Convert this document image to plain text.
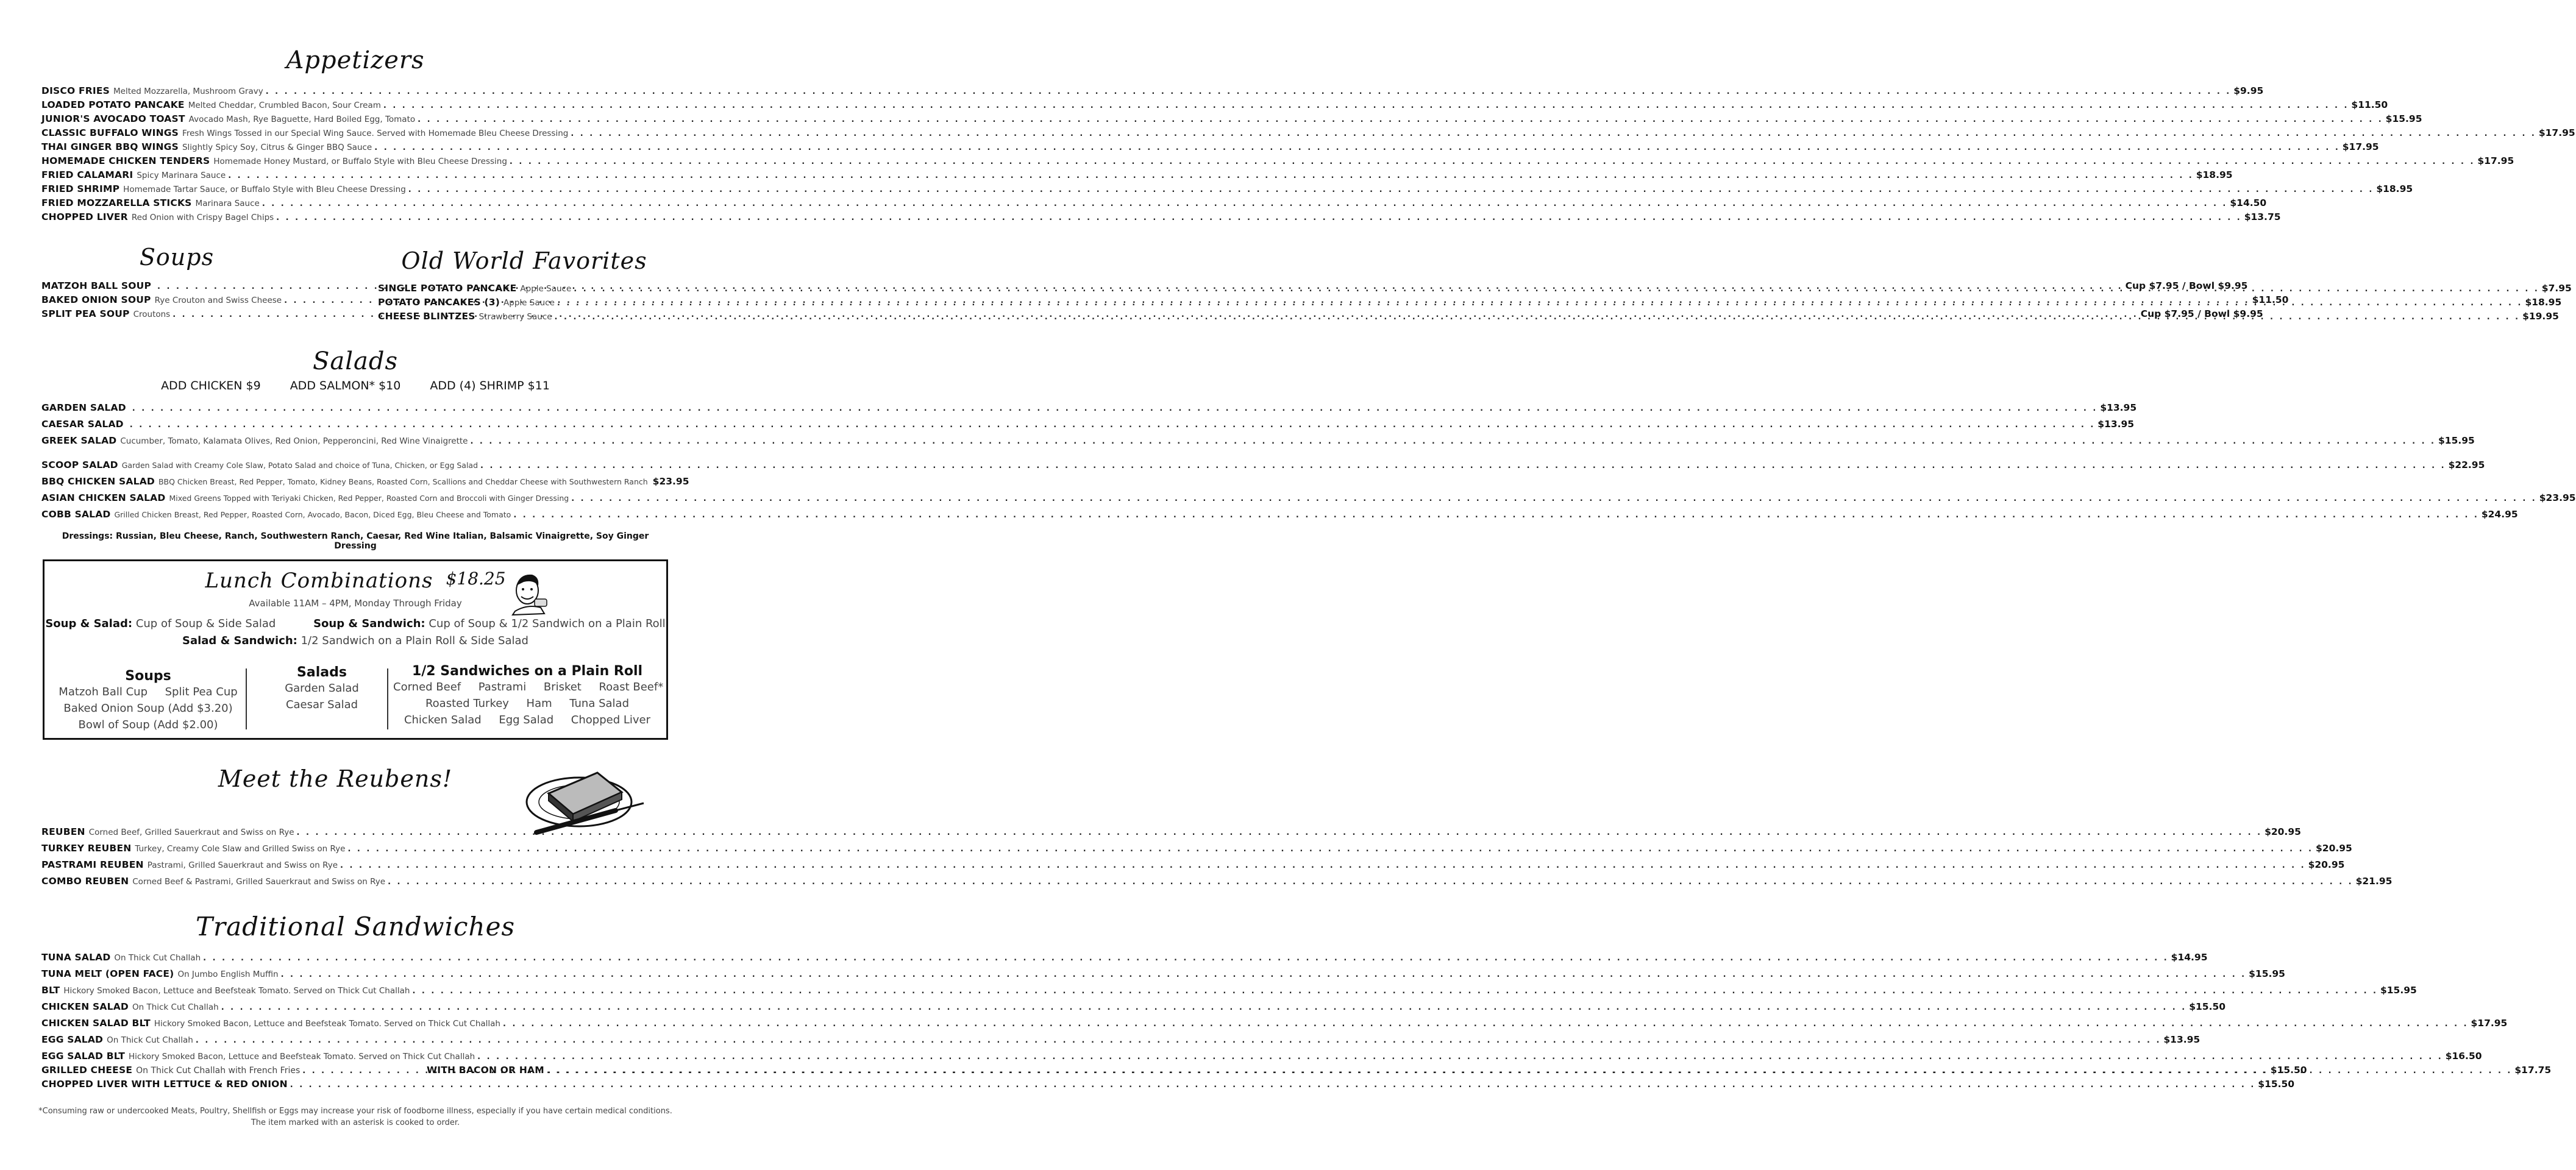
Appetizers
DISCO FRIES Melted Mozzarella, Mushroom Gravy . . .	$9.95
LOADED POTATO PANCAKE Melted Cheddar, Crumbled Bacon, Sour Cream . . .	$11.50
JUNIOR'S AVOCADO TOAST Avocado Mash, Rye Baguette, Hard Boiled Egg, Tomato . . .	$15.95
CLASSIC BUFFALO WINGS Fresh Wings Tossed in our Special Wing Sauce. Served with Homemade Bleu Cheese Dressing . . .	$17.95
THAI GINGER BBQ WINGS Slightly Spicy Soy, Citrus & Ginger BBQ Sauce . . .	$17.95
HOMEMADE CHICKEN TENDERS Homemade Honey Mustard, or Buffalo Style with Bleu Cheese Dressing . . .	$17.95
FRIED CALAMARI Spicy Marinara Sauce . . .	$18.95
FRIED SHRIMP Homemade Tartar Sauce, or Buffalo Style with Bleu Cheese Dressing . . .	$18.95
FRIED MOZZARELLA STICKS Marinara Sauce . . .	$14.50
CHOPPED LIVER Red Onion with Crispy Bagel Chips . . .	$13.75
Soups
MATZOH BALL SOUP . . .	Cup $7.95 / Bowl $9.95
BAKED ONION SOUP Rye Crouton and Swiss Cheese . . .	$11.50
SPLIT PEA SOUP Croutons . . .	Cup $7.95 / Bowl $9.95
Old World Favorites
SINGLE POTATO PANCAKE Apple Sauce . . .	$7.95
POTATO PANCAKES (3) Apple Sauce . . .	$18.95
CHEESE BLINTZES Strawberry Sauce . . .	$19.95
Salads
ADD CHICKEN $9	ADD SALMON* $10	ADD (4) SHRIMP $11
GARDEN SALAD . . .	$13.95
CAESAR SALAD . . .	$13.95
GREEK SALAD Cucumber, Tomato, Kalamata Olives, Red Onion, Pepperoncini, Red Wine Vinaigrette . . .	$15.95
SCOOP SALAD Garden Salad with Creamy Cole Slaw, Potato Salad and choice of Tuna, Chicken, or Egg Salad . . .	$22.95
BBQ CHICKEN SALAD BBQ Chicken Breast, Red Pepper, Tomato, Kidney Beans, Roasted Corn, Scallions and Cheddar Cheese with Southwestern Ranch $23.95
ASIAN CHICKEN SALAD Mixed Greens Topped with Teriyaki Chicken, Red Pepper, Roasted Corn and Broccoli with Ginger Dressing . . .	$23.95
COBB SALAD Grilled Chicken Breast, Red Pepper, Roasted Corn, Avocado, Bacon, Diced Egg, Bleu Cheese and Tomato . . .	$24.95
Dressings: Russian, Bleu Cheese, Ranch, Southwestern Ranch, Caesar, Red Wine Italian, Balsamic Vinaigrette, Soy Ginger Dressing
Lunch Combinations $18.25
Available 11AM – 4PM, Monday Through Friday
Soup & Salad: Cup of Soup & Side Salad	Soup & Sandwich: Cup of Soup & 1/2 Sandwich on a Plain Roll
Salad & Sandwich: 1/2 Sandwich on a Plain Roll & Side Salad
Soups
Matzoh Ball Cup     Split Pea Cup
Baked Onion Soup (Add $3.20)
Bowl of Soup (Add $2.00)
Salads
Garden Salad
Caesar Salad
1/2 Sandwiches on a Plain Roll
Corned Beef     Pastrami     Brisket     Roast Beef*
Roasted Turkey     Ham     Tuna Salad
Chicken Salad     Egg Salad     Chopped Liver
Meet the Reubens!
REUBEN Corned Beef, Grilled Sauerkraut and Swiss on Rye . . .	$20.95
TURKEY REUBEN Turkey, Creamy Cole Slaw and Grilled Swiss on Rye . . .	$20.95
PASTRAMI REUBEN Pastrami, Grilled Sauerkraut and Swiss on Rye . . .	$20.95
COMBO REUBEN Corned Beef & Pastrami, Grilled Sauerkraut and Swiss on Rye . . .	$21.95
Traditional Sandwiches
TUNA SALAD On Thick Cut Challah . . .	$14.95
TUNA MELT (OPEN FACE) On Jumbo English Muffin . . .	$15.95
BLT Hickory Smoked Bacon, Lettuce and Beefsteak Tomato. Served on Thick Cut Challah . . .	$15.95
CHICKEN SALAD On Thick Cut Challah . . .	$15.50
CHICKEN SALAD BLT Hickory Smoked Bacon, Lettuce and Beefsteak Tomato. Served on Thick Cut Challah . . .	$17.95
EGG SALAD On Thick Cut Challah . . .	$13.95
EGG SALAD BLT Hickory Smoked Bacon, Lettuce and Beefsteak Tomato. Served on Thick Cut Challah . . .	$16.50
GRILLED CHEESE On Thick Cut Challah with French Fries . . .	$15.50
WITH BACON OR HAM . . .	$17.75
CHOPPED LIVER WITH LETTUCE & RED ONION . . .	$15.50
*Consuming raw or undercooked Meats, Poultry, Shellfish or Eggs may increase your risk of foodborne illness, especially if you have certain medical conditions.
The item marked with an asterisk is cooked to order.
